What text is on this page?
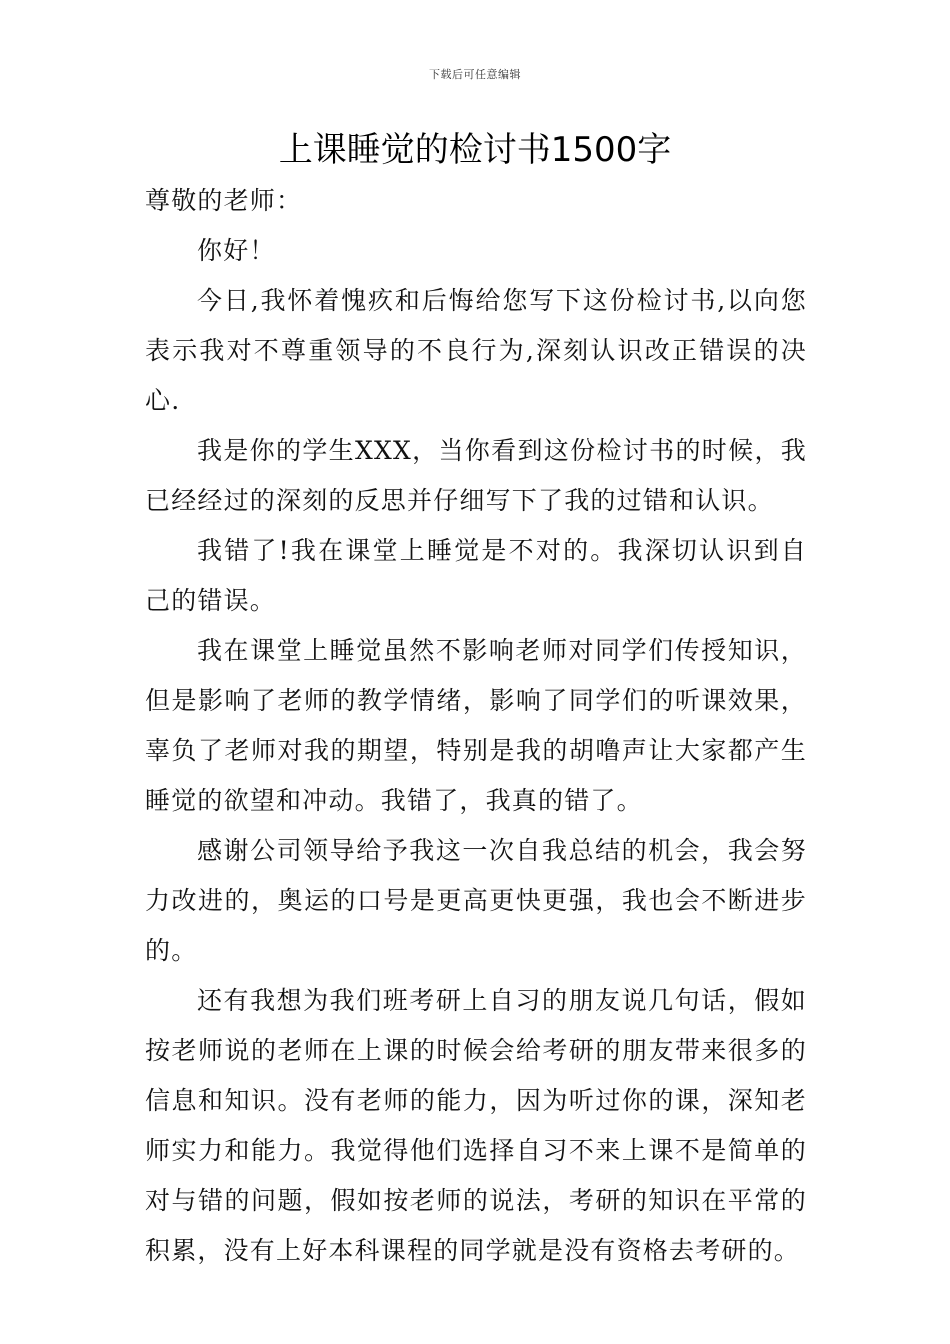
下载后可任意编辑
上课睡觉的检讨书1500字

尊敬的老师：

你好！

今日,我怀着愧疚和后悔给您写下这份检讨书,以向您表示我对不尊重领导的不良行为,深刻认识改正错误的决心.

我是你的学生XXX，当你看到这份检讨书的时候，我已经经过的深刻的反思并仔细写下了我的过错和认识。

我错了!我在课堂上睡觉是不对的。我深切认识到自己的错误。

我在课堂上睡觉虽然不影响老师对同学们传授知识，但是影响了老师的教学情绪，影响了同学们的听课效果，辜负了老师对我的期望，特别是我的胡噜声让大家都产生睡觉的欲望和冲动。我错了，我真的错了。

感谢公司领导给予我这一次自我总结的机会，我会努力改进的，奥运的口号是更高更快更强，我也会不断进步的。

还有我想为我们班考研上自习的朋友说几句话，假如按老师说的老师在上课的时候会给考研的朋友带来很多的信息和知识。没有老师的能力，因为听过你的课，深知老师实力和能力。我觉得他们选择自习不来上课不是简单的对与错的问题，假如按老师的说法，考研的知识在平常的积累，没有上好本科课程的同学就是没有资格去考研的。
